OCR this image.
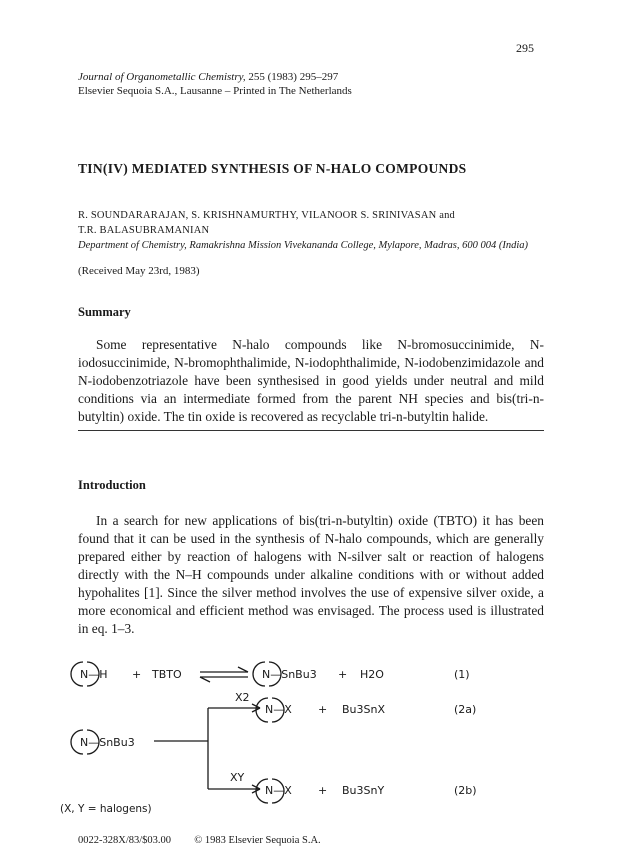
295
Journal of Organometallic Chemistry, 255 (1983) 295–297
Elsevier Sequoia S.A., Lausanne – Printed in The Netherlands
TIN(IV) MEDIATED SYNTHESIS OF N-HALO COMPOUNDS
R. SOUNDARARAJAN, S. KRISHNAMURTHY, VILANOOR S. SRINIVASAN and
T.R. BALASUBRAMANIAN
Department of Chemistry, Ramakrishna Mission Vivekananda College, Mylapore, Madras, 600 004 (India)
(Received May 23rd, 1983)
Summary

Some representative N-halo compounds like N-bromosuccinimide, N-iodosuccinimide, N-bromophthalimide, N-iodophthalimide, N-iodobenzimidazole and N-iodobenzotriazole have been synthesised in good yields under neutral and mild conditions via an intermediate formed from the parent NH species and bis(tri-n-butyltin) oxide. The tin oxide is recovered as recyclable tri-n-butyltin halide.

Introduction

In a search for new applications of bis(tri-n-butyltin) oxide (TBTO) it has been found that it can be used in the synthesis of N-halo compounds, which are generally prepared either by reaction of halogens with N-silver salt or reaction of halogens directly with the N–H compounds under alkaline conditions with or without added hypohalites [1]. Since the silver method involves the use of expensive silver oxide, a more economical and efficient method was envisaged. The process used is illustrated in eq. 1–3.

N—H + TBTO	N—SnBu3 + H2O	(1)
N—SnBu3
X2
XY
N—X + Bu3SnX	(2a)
N—X + Bu3SnY	(2b)
(X, Y = halogens)
0022-328X/83/$03.00 © 1983 Elsevier Sequoia S.A.
